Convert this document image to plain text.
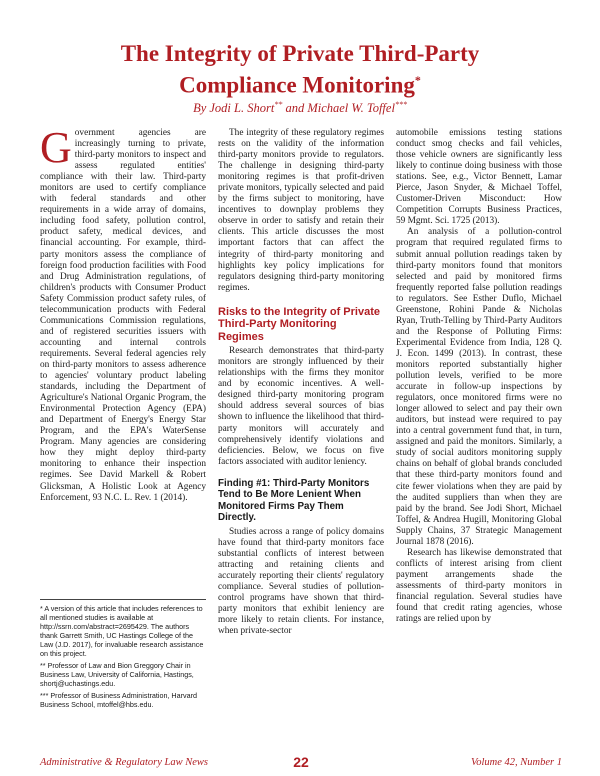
The Integrity of Private Third-Party
Compliance Monitoring*
By Jodi L. Short** and Michael W. Toffel***

Government agencies are increasingly turning to private, third-party monitors to inspect and assess regulated entities' compliance with their law. Third-party monitors are used to certify compliance with federal standards and other requirements in a wide array of domains, including food safety, pollution control, product safety, medical devices, and financial accounting. For example, third-party monitors assess the compliance of foreign food production facilities with Food and Drug Administration regulations, of children's products with Consumer Product Safety Commission product safety rules, of telecommunication products with Federal Communications Commission regulations, and of registered securities issuers with accounting and internal controls requirements. Several federal agencies rely on third-party monitors to assess adherence to agencies' voluntary product labeling standards, including the Department of Agriculture's National Organic Program, the Environmental Protection Agency (EPA) and Department of Energy's Energy Star Program, and the EPA's WaterSense Program. Many agencies are considering how they might deploy third-party monitoring to enhance their inspection regimes. See David Markell & Robert Glicksman, A Holistic Look at Agency Enforcement, 93 N.C. L. Rev. 1 (2014).

* A version of this article that includes references to all mentioned studies is available at http://ssrn.com/abstract=2695429. The authors thank Garrett Smith, UC Hastings College of the Law (J.D. 2017), for invaluable research assistance on this project.

** Professor of Law and Bion Greggory Chair in Business Law, University of California, Hastings, shortj@uchastings.edu.

*** Professor of Business Administration, Harvard Business School, mtoffel@hbs.edu.

The integrity of these regulatory regimes rests on the validity of the information third-party monitors provide to regulators. The challenge in designing third-party monitoring regimes is that profit-driven private monitors, typically selected and paid by the firms subject to monitoring, have incentives to downplay problems they observe in order to satisfy and retain their clients. This article discusses the most important factors that can affect the integrity of third-party monitoring and highlights key policy implications for regulators designing third-party monitoring regimes.

Risks to the Integrity of Private Third-Party Monitoring Regimes

Research demonstrates that third-party monitors are strongly influenced by their relationships with the firms they monitor and by economic incentives. A well-designed third-party monitoring program should address several sources of bias shown to influence the likelihood that third-party monitors will accurately and comprehensively identify violations and deficiencies. Below, we focus on five factors associated with auditor leniency.

Finding #1: Third-Party Monitors Tend to Be More Lenient When Monitored Firms Pay Them Directly.

Studies across a range of policy domains have found that third-party monitors face substantial conflicts of interest between attracting and retaining clients and accurately reporting their clients' regulatory compliance. Several studies of pollution-control programs have shown that third-party monitors that exhibit leniency are more likely to retain clients. For instance, when private-sector

automobile emissions testing stations conduct smog checks and fail vehicles, those vehicle owners are significantly less likely to continue doing business with those stations. See, e.g., Victor Bennett, Lamar Pierce, Jason Snyder, & Michael Toffel, Customer-Driven Misconduct: How Competition Corrupts Business Practices, 59 Mgmt. Sci. 1725 (2013).

An analysis of a pollution-control program that required regulated firms to submit annual pollution readings taken by third-party monitors found that monitors selected and paid by monitored firms frequently reported false pollution readings to regulators. See Esther Duflo, Michael Greenstone, Rohini Pande & Nicholas Ryan, Truth-Telling by Third-Party Auditors and the Response of Polluting Firms: Experimental Evidence from India, 128 Q. J. Econ. 1499 (2013). In contrast, these monitors reported substantially higher pollution levels, verified to be more accurate in follow-up inspections by regulators, once monitored firms were no longer allowed to select and pay their own auditors, but instead were required to pay into a central government fund that, in turn, assigned and paid the monitors. Similarly, a study of social auditors monitoring supply chains on behalf of global brands concluded that these third-party monitors found and cite fewer violations when they are paid by the audited suppliers than when they are paid by the brand. See Jodi Short, Michael Toffel, & Andrea Hugill, Monitoring Global Supply Chains, 37 Strategic Management Journal 1878 (2016).

Research has likewise demonstrated that conflicts of interest arising from client payment arrangements shade the assessments of third-party monitors in financial regulation. Several studies have found that credit rating agencies, whose ratings are relied upon by

Administrative & Regulatory Law News	22	Volume 42, Number 1
